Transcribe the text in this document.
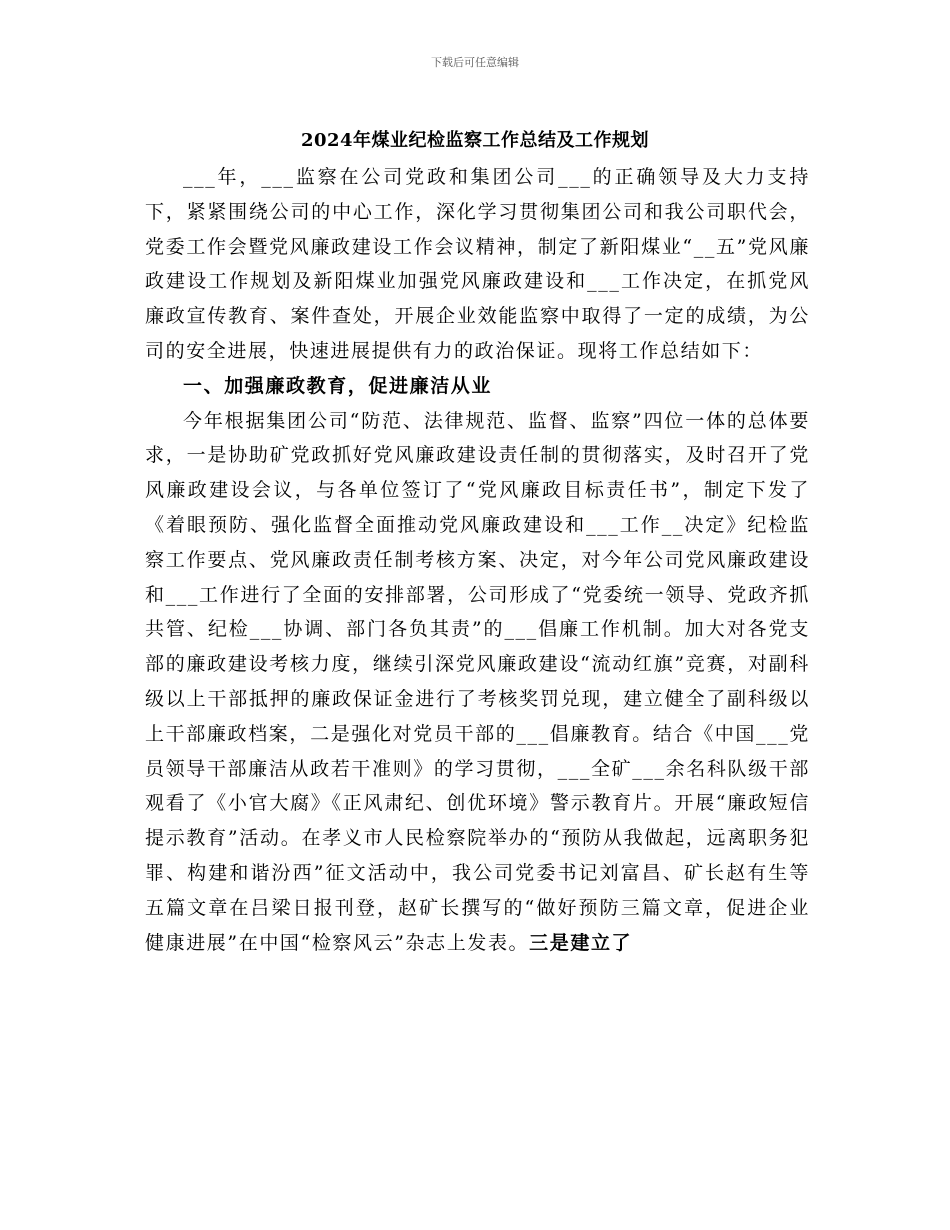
下载后可任意编辑
2024年煤业纪检监察工作总结及工作规划

___年，___监察在公司党政和集团公司___的正确领导及大力支持下，紧紧围绕公司的中心工作，深化学习贯彻集团公司和我公司职代会，党委工作会暨党风廉政建设工作会议精神，制定了新阳煤业“__五”党风廉政建设工作规划及新阳煤业加强党风廉政建设和___工作决定，在抓党风廉政宣传教育、案件查处，开展企业效能监察中取得了一定的成绩，为公司的安全进展，快速进展提供有力的政治保证。现将工作总结如下：

一、加强廉政教育，促进廉洁从业

今年根据集团公司“防范、法律规范、监督、监察”四位一体的总体要求，一是协助矿党政抓好党风廉政建设责任制的贯彻落实，及时召开了党风廉政建设会议，与各单位签订了“党风廉政目标责任书”，制定下发了《着眼预防、强化监督全面推动党风廉政建设和___工作__决定》纪检监察工作要点、党风廉政责任制考核方案、决定，对今年公司党风廉政建设和___工作进行了全面的安排部署，公司形成了“党委统一领导、党政齐抓共管、纪检___协调、部门各负其责”的___倡廉工作机制。加大对各党支部的廉政建设考核力度，继续引深党风廉政建设“流动红旗”竞赛，对副科级以上干部抵押的廉政保证金进行了考核奖罚兑现，建立健全了副科级以上干部廉政档案，二是强化对党员干部的___倡廉教育。结合《中国___党员领导干部廉洁从政若干准则》的学习贯彻，___全矿___余名科队级干部观看了《小官大腐》《正风肃纪、创优环境》警示教育片。开展“廉政短信提示教育”活动。在孝义市人民检察院举办的“预防从我做起，远离职务犯罪、构建和谐汾西”征文活动中，我公司党委书记刘富昌、矿长赵有生等五篇文章在吕梁日报刊登，赵矿长撰写的“做好预防三篇文章，促进企业健康进展”在中国“检察风云”杂志上发表。三是建立了
